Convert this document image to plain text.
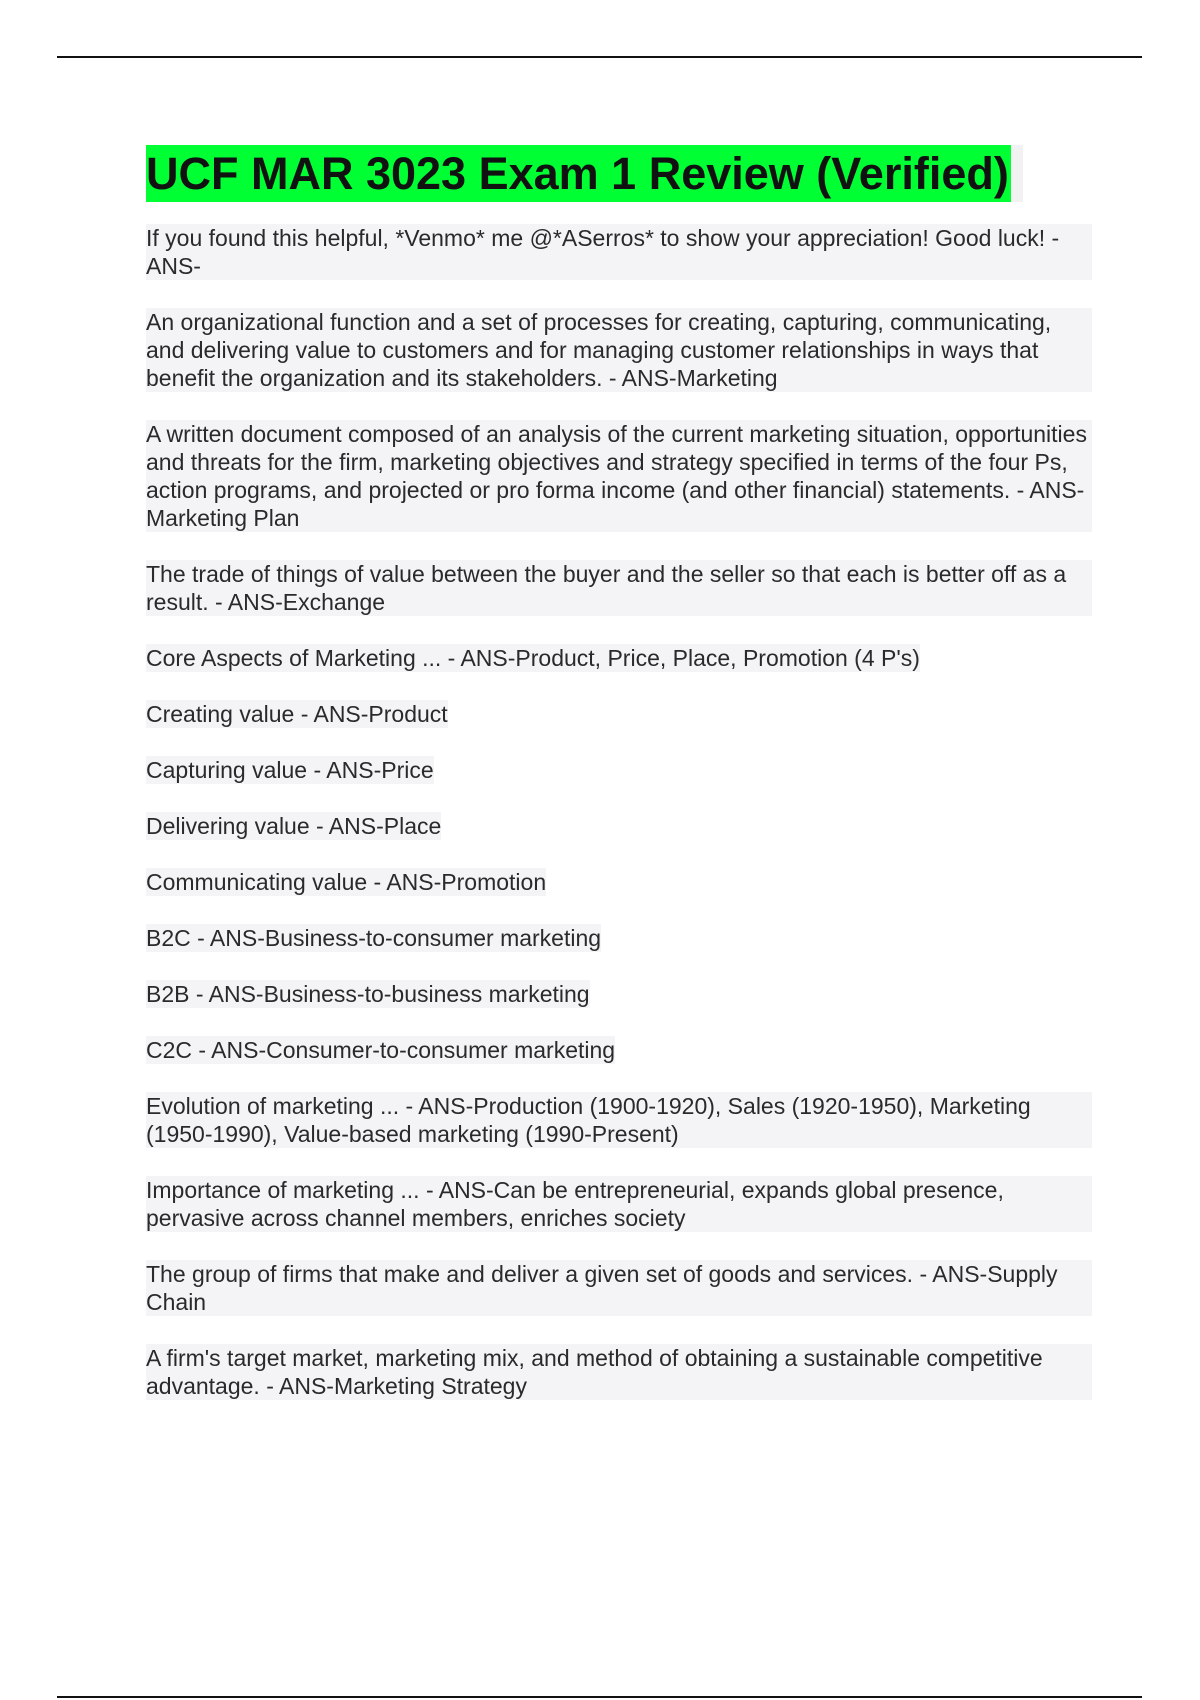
UCF MAR 3023 Exam 1 Review (Verified)

If you found this helpful, *Venmo* me @*ASerros* to show your appreciation! Good luck! - ANS-

An organizational function and a set of processes for creating, capturing, communicating, and delivering value to customers and for managing customer relationships in ways that benefit the organization and its stakeholders. - ANS-Marketing

A written document composed of an analysis of the current marketing situation, opportunities and threats for the firm, marketing objectives and strategy specified in terms of the four Ps, action programs, and projected or pro forma income (and other financial) statements. - ANS-Marketing Plan

The trade of things of value between the buyer and the seller so that each is better off as a result. - ANS-Exchange

Core Aspects of Marketing ... - ANS-Product, Price, Place, Promotion (4 P's)

Creating value - ANS-Product

Capturing value - ANS-Price

Delivering value - ANS-Place

Communicating value - ANS-Promotion

B2C - ANS-Business-to-consumer marketing

B2B - ANS-Business-to-business marketing

C2C - ANS-Consumer-to-consumer marketing

Evolution of marketing ... - ANS-Production (1900-1920), Sales (1920-1950), Marketing (1950-1990), Value-based marketing (1990-Present)

Importance of marketing ... - ANS-Can be entrepreneurial, expands global presence, pervasive across channel members, enriches society

The group of firms that make and deliver a given set of goods and services. - ANS-Supply Chain

A firm's target market, marketing mix, and method of obtaining a sustainable competitive advantage. - ANS-Marketing Strategy
